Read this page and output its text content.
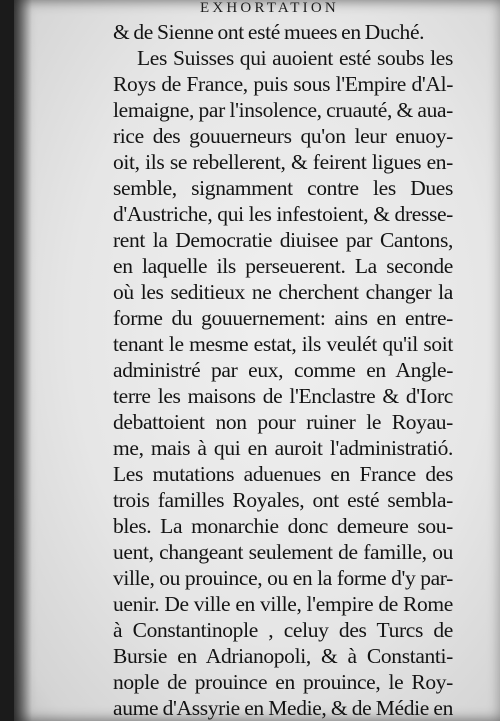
EXHORTATION
& de Sienne ont esté muees en Duché.
Les Suisses qui auoient esté soubs les
Roys de France, puis sous l'Empire d'Al-
lemaigne, par l'insolence, cruauté, & aua-
rice des gouuerneurs qu'on leur enuoy-
oit, ils se rebellerent, & feirent ligues en-
semble, signamment contre les Dues
d'Austriche, qui les infestoient, & dresse-
rent la Democratie diuisee par Cantons,
en laquelle ils perseuerent. La seconde
où les seditieux ne cherchent changer la
forme du gouuernement: ains en entre-
tenant le mesme estat, ils veulét qu'il soit
administré par eux, comme en Angle-
terre les maisons de l'Enclastre & d'Iorc
debattoient non pour ruiner le Royau-
me, mais à qui en auroit l'administratió.
Les mutations aduenues en France des
trois familles Royales, ont esté sembla-
bles. La monarchie donc demeure sou-
uent, changeant seulement de famille, ou
ville, ou prouince, ou en la forme d'y par-
uenir. De ville en ville, l'empire de Rome
à Constantinople , celuy des Turcs de
Bursie en Adrianopoli, & à Constanti-
nople de prouince en prouince, le Roy-
aume d'Assyrie en Medie, & de Médie en
